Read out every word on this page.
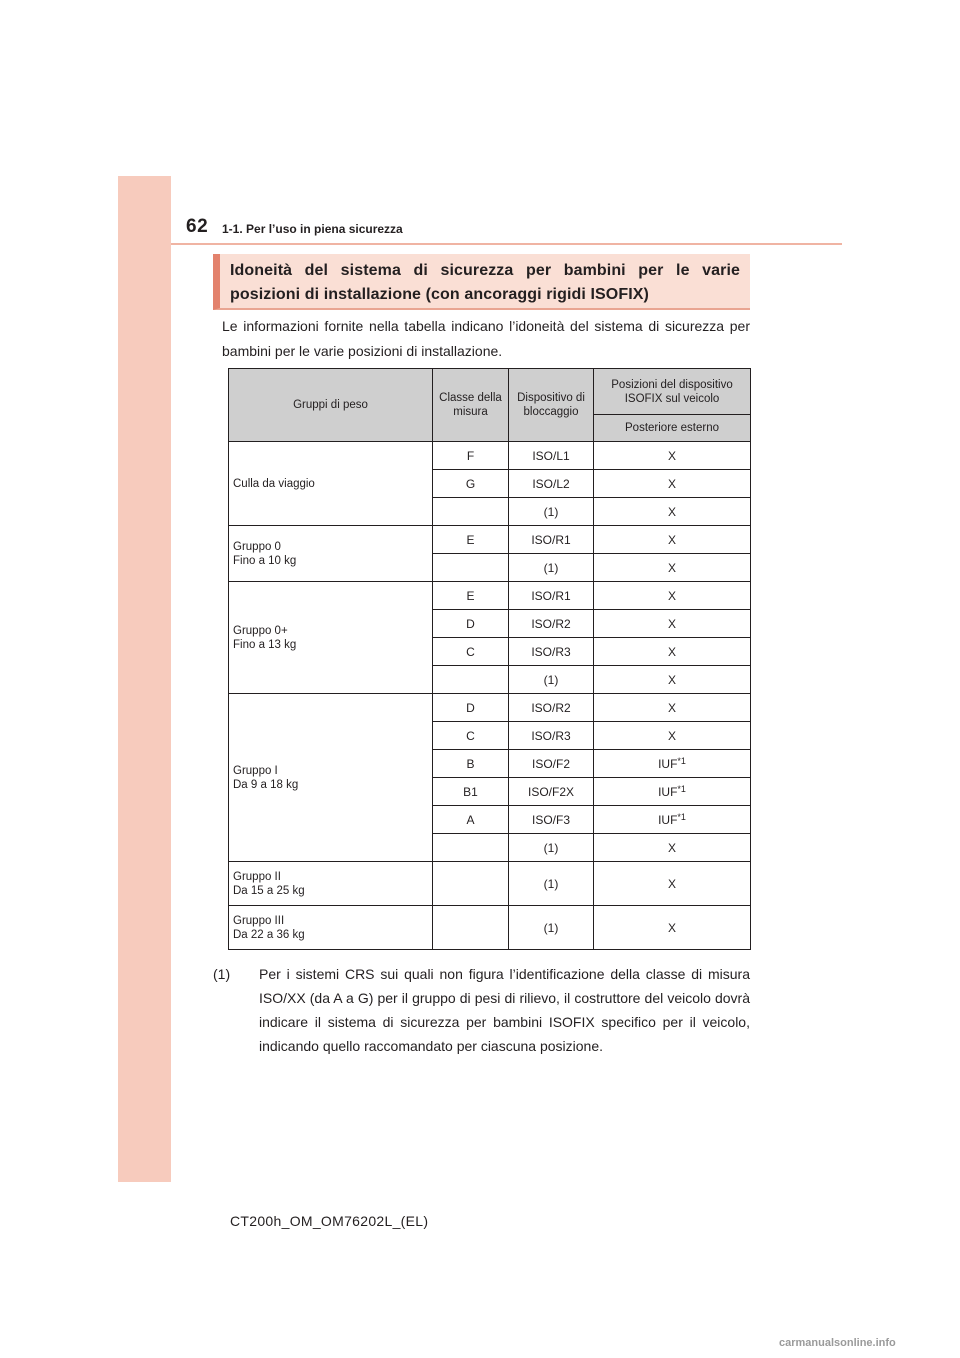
62 1-1. Per l’uso in piena sicurezza
Idoneità del sistema di sicurezza per bambini per le varie posizioni di installazione (con ancoraggi rigidi ISOFIX)
Le informazioni fornite nella tabella indicano l’idoneità del sistema di sicurezza per bambini per le varie posizioni di installazione.
Gruppi di peso	Classe della misura	Dispositivo di bloccaggio	Posizioni del dispositivo ISOFIX sul veicolo
			Posteriore esterno
Culla da viaggio	F	ISO/L1	X
	G	ISO/L2	X
		(1)	X
Gruppo 0
Fino a 10 kg	E	ISO/R1	X
		(1)	X
Gruppo 0+
Fino a 13 kg	E	ISO/R1	X
	D	ISO/R2	X
	C	ISO/R3	X
		(1)	X
Gruppo I
Da 9 a 18 kg	D	ISO/R2	X
	C	ISO/R3	X
	B	ISO/F2	IUF$^{*1}$
	B1	ISO/F2X	IUF$^{*1}$
	A	ISO/F3	IUF$^{*1}$
		(1)	X
Gruppo II
Da 15 a 25 kg		(1)	X
Gruppo III
Da 22 a 36 kg		(1)	X
(1) Per i sistemi CRS sui quali non figura l’identificazione della classe di misura ISO/XX (da A a G) per il gruppo di pesi di rilievo, il costruttore del veicolo dovrà indicare il sistema di sicurezza per bambini ISOFIX specifico per il veicolo, indicando quello raccomandato per ciascuna posizione.
CT200h_OM_OM76202L_(EL)
carmanualsonline.info
